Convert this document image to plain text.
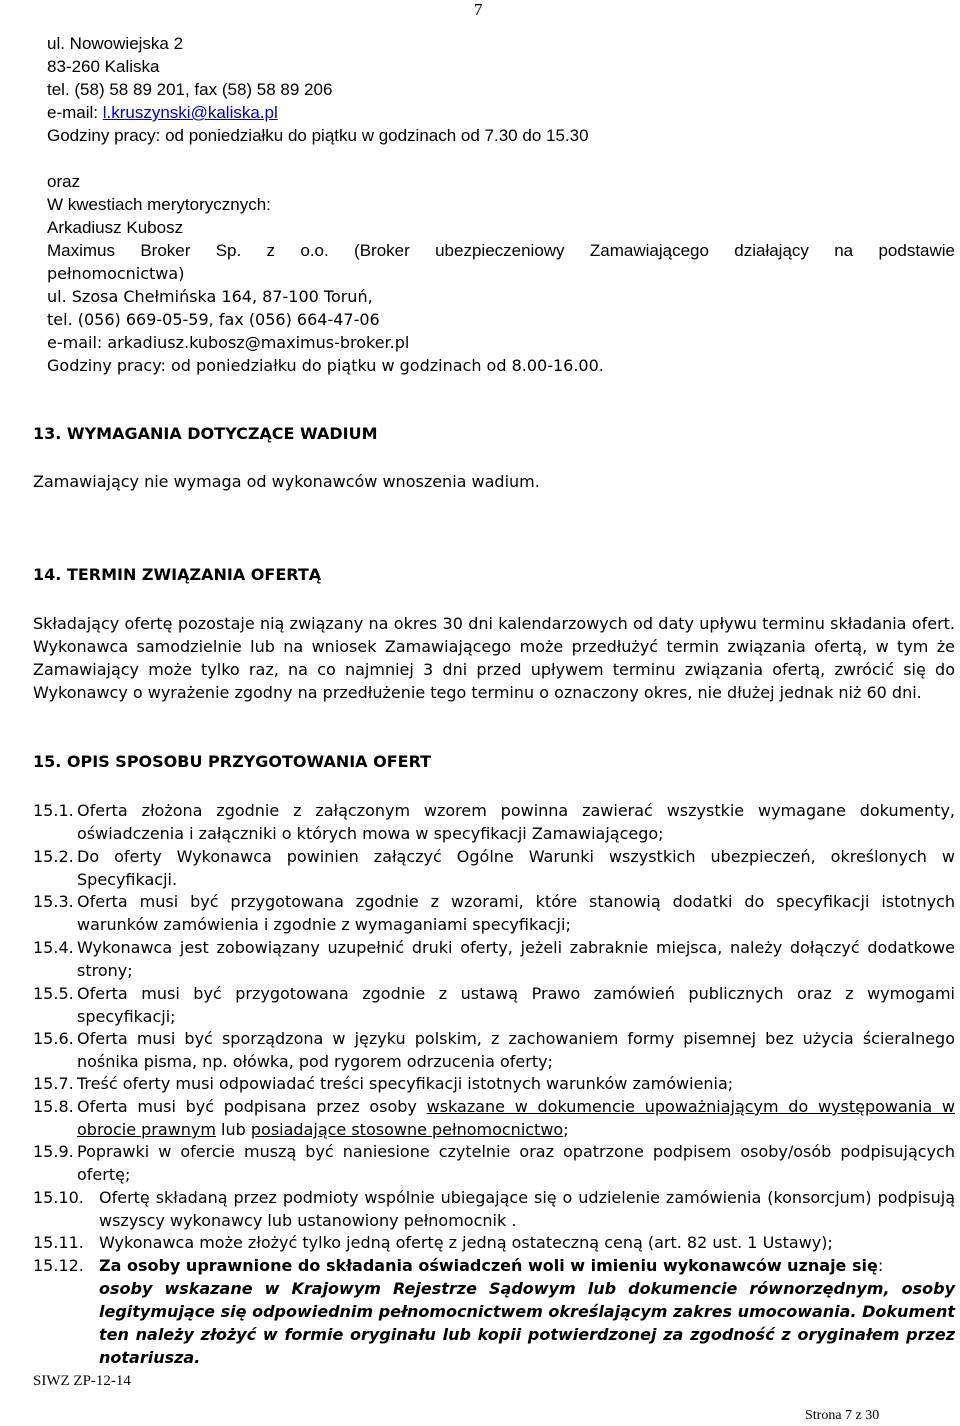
7
ul. Nowowiejska 2
83-260 Kaliska
tel. (58) 58 89 201, fax (58) 58 89 206
e-mail: l.kruszynski@kaliska.pl
Godziny pracy: od poniedziałku do piątku w godzinach od 7.30 do 15.30
oraz
W kwestiach merytorycznych:
Arkadiusz Kubosz
Maximus Broker Sp. z o.o. (Broker ubezpieczeniowy Zamawiającego działający na podstawie
pełnomocnictwa)
ul. Szosa Chełmińska 164, 87-100 Toruń,
tel. (056) 669-05-59, fax (056) 664-47-06
e-mail: arkadiusz.kubosz@maximus-broker.pl
Godziny pracy: od poniedziałku do piątku w godzinach od 8.00-16.00.
13. WYMAGANIA DOTYCZĄCE WADIUM
Zamawiający nie wymaga od wykonawców wnoszenia wadium.
14. TERMIN ZWIĄZANIA OFERTĄ
Składający ofertę pozostaje nią związany na okres 30 dni kalendarzowych od daty upływu terminu składania ofert. Wykonawca samodzielnie lub na wniosek Zamawiającego może przedłużyć termin związania ofertą, w tym że Zamawiający może tylko raz, na co najmniej 3 dni przed upływem terminu związania ofertą, zwrócić się do Wykonawcy o wyrażenie zgodny na przedłużenie tego terminu o oznaczony okres, nie dłużej jednak niż 60 dni.
15. OPIS SPOSOBU PRZYGOTOWANIA OFERT
15.1. Oferta złożona zgodnie z załączonym wzorem powinna zawierać wszystkie wymagane dokumenty, oświadczenia i załączniki o których mowa w specyfikacji Zamawiającego;
15.2. Do oferty Wykonawca powinien załączyć Ogólne Warunki wszystkich ubezpieczeń, określonych w Specyfikacji.
15.3. Oferta musi być przygotowana zgodnie z wzorami, które stanowią dodatki do specyfikacji istotnych warunków zamówienia i zgodnie z wymaganiami specyfikacji;
15.4. Wykonawca jest zobowiązany uzupełnić druki oferty, jeżeli zabraknie miejsca, należy dołączyć dodatkowe strony;
15.5. Oferta musi być przygotowana zgodnie z ustawą Prawo zamówień publicznych oraz z wymogami specyfikacji;
15.6. Oferta musi być sporządzona w języku polskim, z zachowaniem formy pisemnej bez użycia ścieralnego nośnika pisma, np. ołówka, pod rygorem odrzucenia oferty;
15.7. Treść oferty musi odpowiadać treści specyfikacji istotnych warunków zamówienia;
15.8. Oferta musi być podpisana przez osoby wskazane w dokumencie upoważniającym do występowania w obrocie prawnym lub posiadające stosowne pełnomocnictwo;
15.9. Poprawki w ofercie muszą być naniesione czytelnie oraz opatrzone podpisem osoby/osób podpisujących ofertę;
15.10. Ofertę składaną przez podmioty wspólnie ubiegające się o udzielenie zamówienia (konsorcjum) podpisują wszyscy wykonawcy lub ustanowiony pełnomocnik .
15.11. Wykonawca może złożyć tylko jedną ofertę z jedną ostateczną ceną (art. 82 ust. 1 Ustawy);
15.12. Za osoby uprawnione do składania oświadczeń woli w imieniu wykonawców uznaje się:
osoby wskazane w Krajowym Rejestrze Sądowym lub dokumencie równorzędnym, osoby legitymujące się odpowiednim pełnomocnictwem określającym zakres umocowania. Dokument ten należy złożyć w formie oryginału lub kopii potwierdzonej za zgodność z oryginałem przez notariusza.
SIWZ ZP-12-14
Strona 7 z 30
